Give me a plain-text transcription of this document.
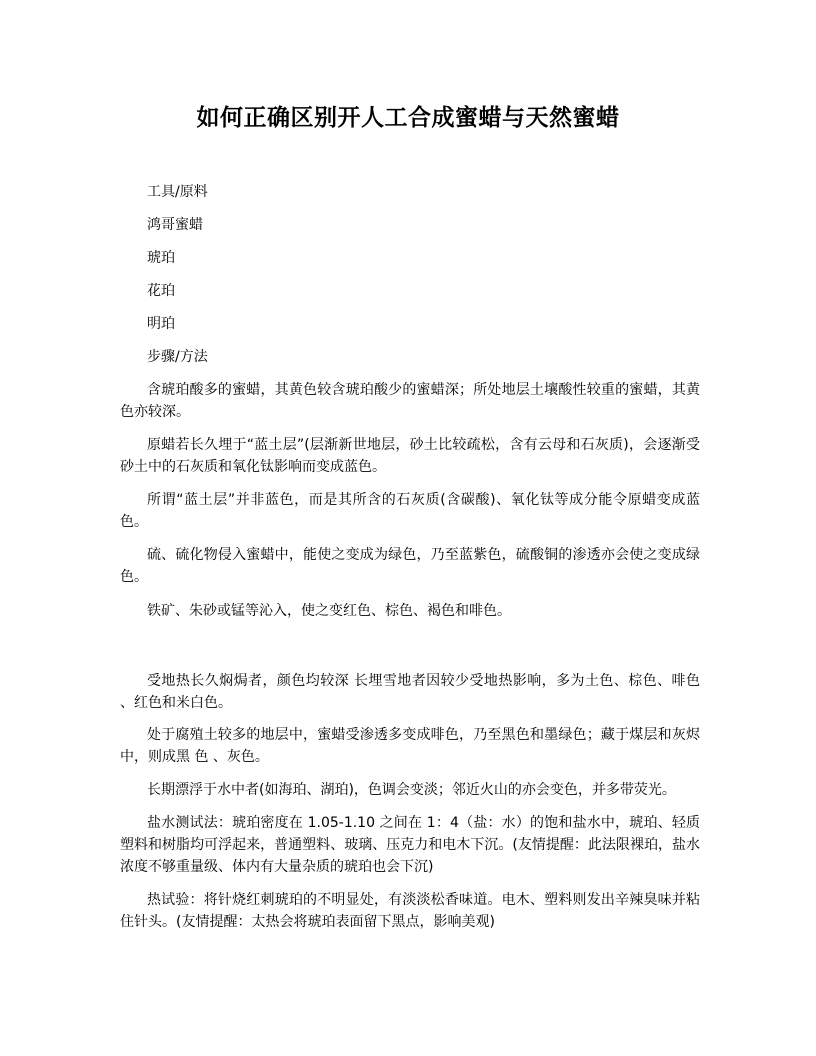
如何正确区别开人工合成蜜蜡与天然蜜蜡
工具/原料
鸿哥蜜蜡
琥珀
花珀
明珀
步骤/方法
含琥珀酸多的蜜蜡，其黄色较含琥珀酸少的蜜蜡深；所处地层土壤酸性较重的蜜蜡，其黄色亦较深。
原蜡若长久埋于“蓝土层”(层渐新世地层，砂土比较疏松，含有云母和石灰质)，会逐渐受砂土中的石灰质和氧化钛影响而变成蓝色。
所谓“蓝土层”并非蓝色，而是其所含的石灰质(含碳酸)、氧化钛等成分能令原蜡变成蓝色。
硫、硫化物侵入蜜蜡中，能使之变成为绿色，乃至蓝紫色，硫酸铜的渗透亦会使之变成绿色。
铁矿、朱砂或锰等沁入，使之变红色、棕色、褐色和啡色。
受地热长久焖焗者，颜色均较深 长埋雪地者因较少受地热影响，多为土色、棕色、啡色 、红色和米白色。
处于腐殖土较多的地层中，蜜蜡受渗透多变成啡色，乃至黑色和墨绿色；藏于煤层和灰烬中，则成黑 色 、灰色。
长期漂浮于水中者(如海珀、湖珀)，色调会变淡；邻近火山的亦会变色，并多带荧光。
盐水测试法：琥珀密度在 1.05-1.10 之间在 1：4（盐：水）的饱和盐水中，琥珀、轻质塑料和树脂均可浮起来，普通塑料、玻璃、压克力和电木下沉。(友情提醒：此法限裸珀，盐水浓度不够重量级、体内有大量杂质的琥珀也会下沉)
热试验：将针烧红刺琥珀的不明显处，有淡淡松香味道。电木、塑料则发出辛辣臭味并粘住针头。(友情提醒：太热会将琥珀表面留下黑点，影响美观)
